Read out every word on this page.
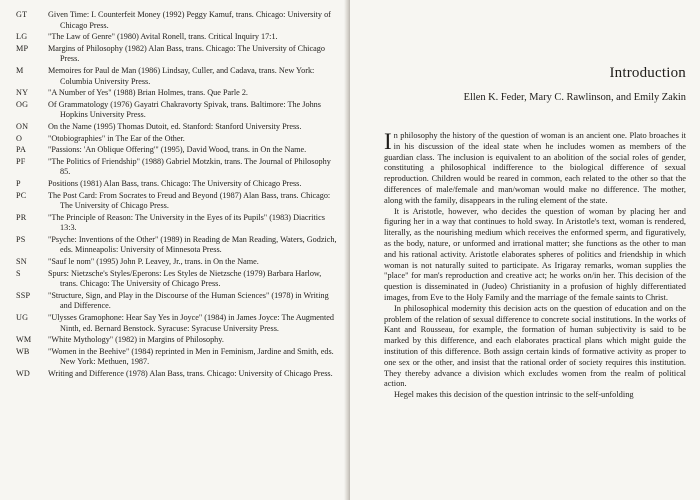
GT	Given Time: I. Counterfeit Money (1992) Peggy Kamuf, trans. Chicago: University of Chicago Press.
LG	"The Law of Genre" (1980) Avital Ronell, trans. Critical Inquiry 17:1.
MP	Margins of Philosophy (1982) Alan Bass, trans. Chicago: The University of Chicago Press.
M	Memoires for Paul de Man (1986) Lindsay, Culler, and Cadava, trans. New York: Columbia University Press.
NY	"A Number of Yes" (1988) Brian Holmes, trans. Que Parle 2.
OG	Of Grammatology (1976) Gayatri Chakravorty Spivak, trans. Baltimore: The Johns Hopkins University Press.
ON	On the Name (1995) Thomas Dutoit, ed. Stanford: Stanford University Press.
O	"Otobiographies" in The Ear of the Other.
PA	"Passions: 'An Oblique Offering'" (1995), David Wood, trans. in On the Name.
PF	"The Politics of Friendship" (1988) Gabriel Motzkin, trans. The Journal of Philosophy 85.
P	Positions (1981) Alan Bass, trans. Chicago: The University of Chicago Press.
PC	The Post Card: From Socrates to Freud and Beyond (1987) Alan Bass, trans. Chicago: The University of Chicago Press.
PR	"The Principle of Reason: The University in the Eyes of its Pupils" (1983) Diacritics 13:3.
PS	"Psyche: Inventions of the Other" (1989) in Reading de Man Reading, Waters, Godzich, eds. Minneapolis: University of Minnesota Press.
SN	"Sauf le nom" (1995) John P. Leavey, Jr., trans. in On the Name.
S	Spurs: Nietzsche's Styles/Eperons: Les Styles de Nietzsche (1979) Barbara Harlow, trans. Chicago: The University of Chicago Press.
SSP	"Structure, Sign, and Play in the Discourse of the Human Sciences" (1978) in Writing and Difference.
UG	"Ulysses Gramophone: Hear Say Yes in Joyce" (1984) in James Joyce: The Augmented Ninth, ed. Bernard Benstock. Syracuse: Syracuse University Press.
WM	"White Mythology" (1982) in Margins of Philosophy.
WB	"Women in the Beehive" (1984) reprinted in Men in Feminism, Jardine and Smith, eds. New York: Methuen, 1987.
WD	Writing and Difference (1978) Alan Bass, trans. Chicago: University of Chicago Press.
Introduction
Ellen K. Feder, Mary C. Rawlinson, and Emily Zakin

In philosophy the history of the question of woman is an ancient one. Plato broaches it in his discussion of the ideal state when he includes women as members of the guardian class. The inclusion is equivalent to an abolition of the social roles of gender, constituting a philosophical indifference to the biological difference of sexual reproduction. Children would be reared in common, each related to the other so that the differences of male/female and man/woman would make no difference. The mother, along with the family, disappears in the ruling element of the state.

It is Aristotle, however, who decides the question of woman by placing her and figuring her in a way that continues to hold sway. In Aristotle's text, woman is rendered, literally, as the nourishing medium which receives the enformed sperm, and figuratively, as the body, nature, or unformed and irrational matter; she functions as the other to man and his rational activity. Aristotle elaborates spheres of politics and friendship in which woman is not naturally suited to participate. As Irigaray remarks, woman supplies the "place" for man's reproduction and creative act; he works on/in her. This decision of the question is disseminated in (Judeo) Christianity in a profusion of highly differentiated images, from Eve to the Holy Family and the marriage of the female saints to Christ.

In philosophical modernity this decision acts on the question of education and on the problem of the relation of sexual difference to concrete social institutions. In the works of Kant and Rousseau, for example, the formation of human subjectivity is said to be marked by this difference, and each elaborates practical plans which might guide the institution of this difference. Both assign certain kinds of formative activity as proper to one sex or the other, and insist that the rational order of society requires this institution. They thereby advance a division which excludes women from the realm of political action.

Hegel makes this decision of the question intrinsic to the self-unfolding
